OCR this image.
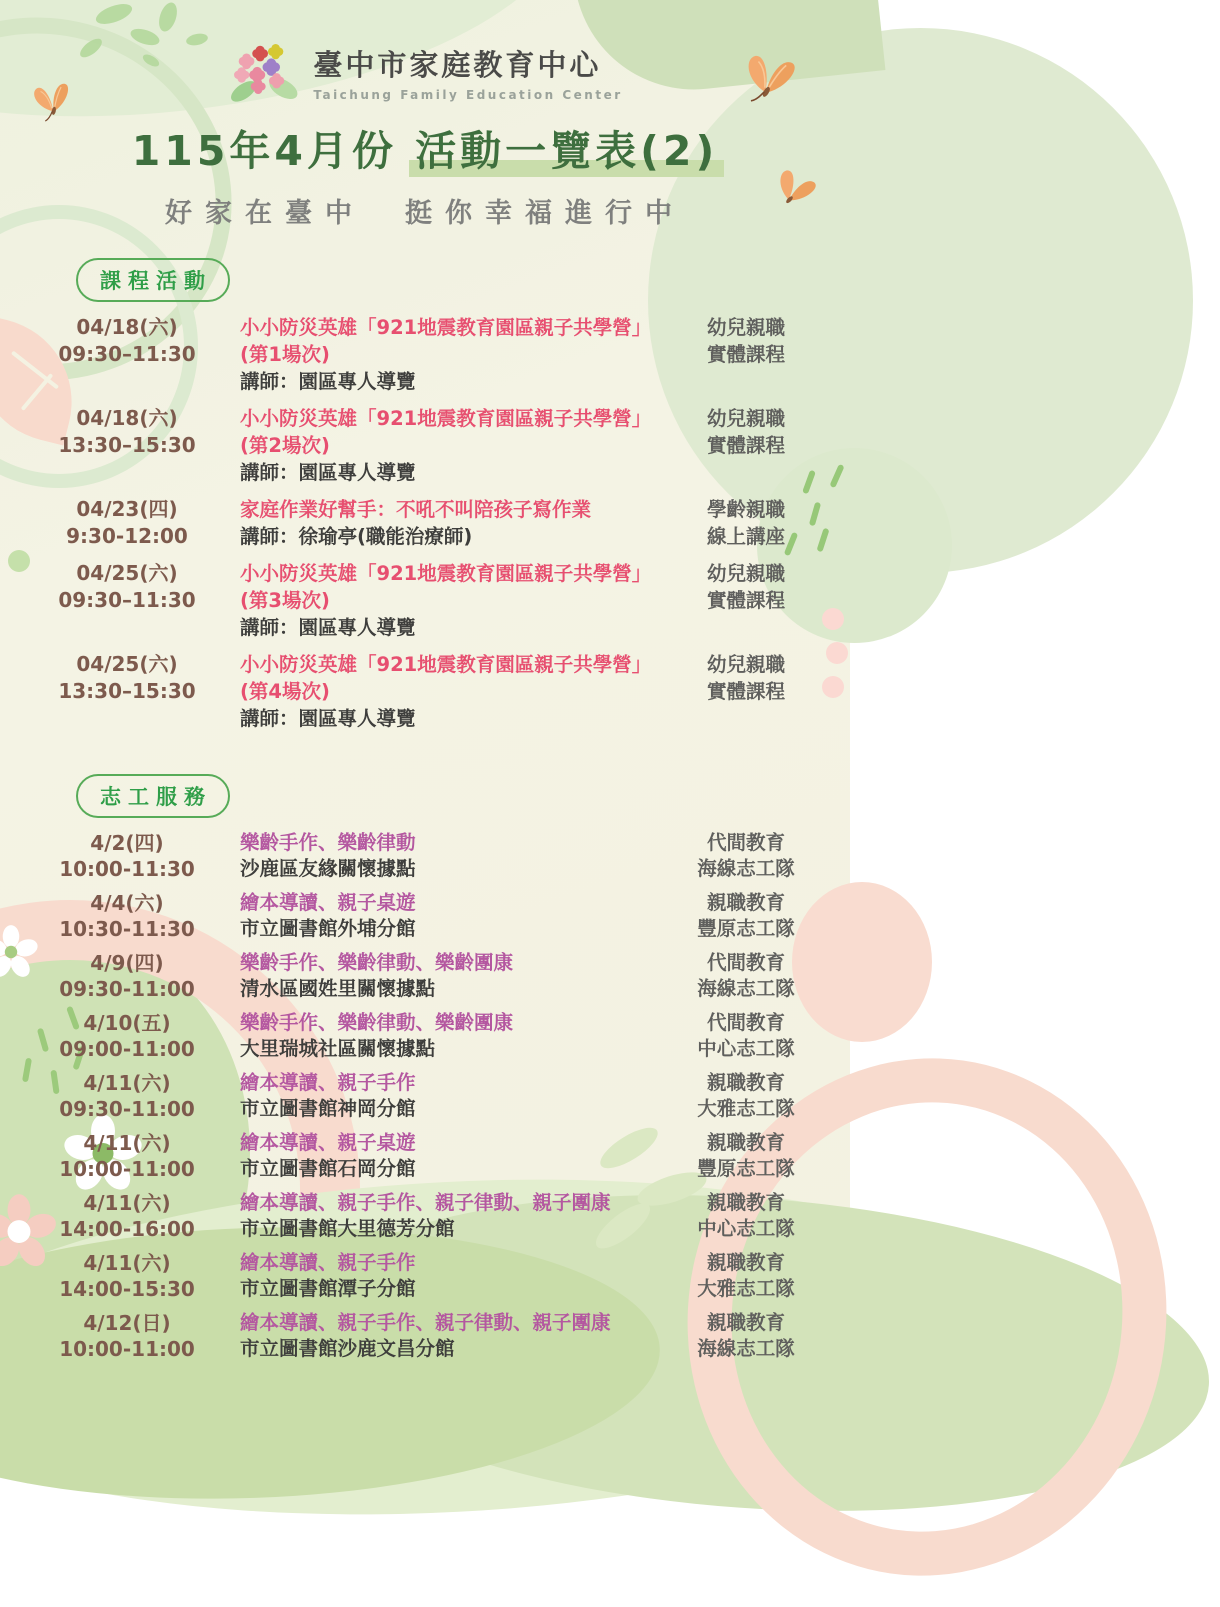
臺中市家庭教育中心
Taichung Family Education Center
115年4月份 活動一覽表(2)
好家在臺中　挺你幸福進行中
課程活動
04/18(六)
09:30–11:30
小小防災英雄「921地震教育園區親子共學營」(第1場次)
講師：園區專人導覽
幼兒親職
實體課程
04/18(六)
13:30–15:30
小小防災英雄「921地震教育園區親子共學營」(第2場次)
講師：園區專人導覽
幼兒親職
實體課程
04/23(四)
9:30-12:00
家庭作業好幫手：不吼不叫陪孩子寫作業
講師：徐瑜亭(職能治療師)
學齡親職
線上講座
04/25(六)
09:30–11:30
小小防災英雄「921地震教育園區親子共學營」(第3場次)
講師：園區專人導覽
幼兒親職
實體課程
04/25(六)
13:30–15:30
小小防災英雄「921地震教育園區親子共學營」(第4場次)
講師：園區專人導覽
幼兒親職
實體課程
志工服務
4/2(四)
10:00-11:30
樂齡手作、樂齡律動
沙鹿區友緣關懷據點
代間教育
海線志工隊
4/4(六)
10:30-11:30
繪本導讀、親子桌遊
市立圖書館外埔分館
親職教育
豐原志工隊
4/9(四)
09:30-11:00
樂齡手作、樂齡律動、樂齡團康
清水區國姓里關懷據點
代間教育
海線志工隊
4/10(五)
09:00-11:00
樂齡手作、樂齡律動、樂齡團康
大里瑞城社區關懷據點
代間教育
中心志工隊
4/11(六)
09:30-11:00
繪本導讀、親子手作
市立圖書館神岡分館
親職教育
大雅志工隊
4/11(六)
10:00-11:00
繪本導讀、親子桌遊
市立圖書館石岡分館
親職教育
豐原志工隊
4/11(六)
14:00-16:00
繪本導讀、親子手作、親子律動、親子團康
市立圖書館大里德芳分館
親職教育
中心志工隊
4/11(六)
14:00-15:30
繪本導讀、親子手作
市立圖書館潭子分館
親職教育
大雅志工隊
4/12(日)
10:00-11:00
繪本導讀、親子手作、親子律動、親子團康
市立圖書館沙鹿文昌分館
親職教育
海線志工隊
